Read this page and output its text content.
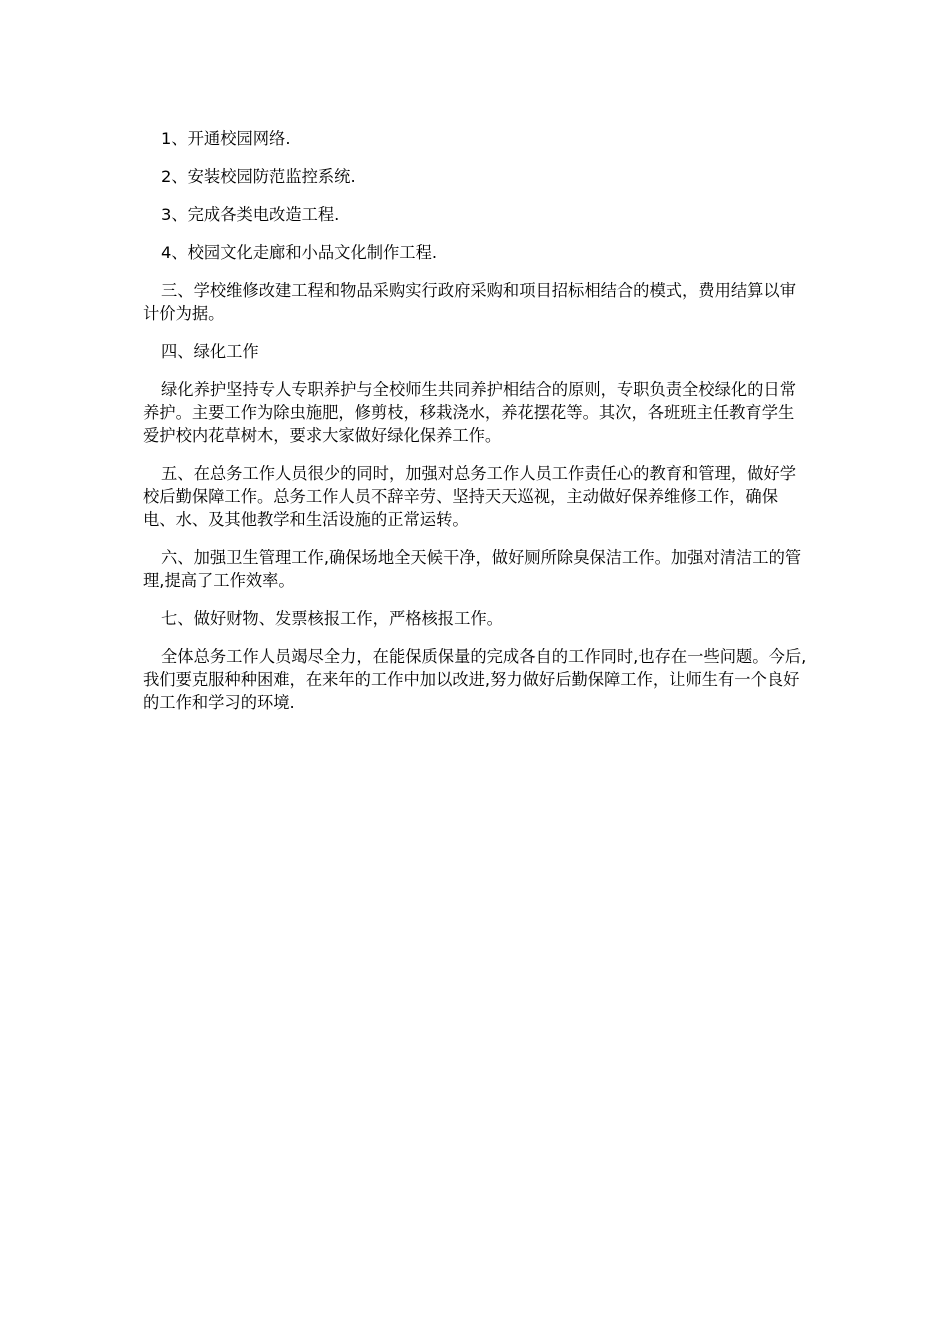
1、开通校园网络.

2、安装校园防范监控系统.

3、完成各类电改造工程.

4、校园文化走廊和小品文化制作工程.

三、学校维修改建工程和物品采购实行政府采购和项目招标相结合的模式，费用结算以审计价为据。

四、绿化工作

绿化养护坚持专人专职养护与全校师生共同养护相结合的原则，专职负责全校绿化的日常养护。主要工作为除虫施肥，修剪枝，移栽浇水，养花摆花等。其次，各班班主任教育学生爱护校内花草树木，要求大家做好绿化保养工作。

五、在总务工作人员很少的同时，加强对总务工作人员工作责任心的教育和管理，做好学校后勤保障工作。总务工作人员不辞辛劳、坚持天天巡视，主动做好保养维修工作，确保电、水、及其他教学和生活设施的正常运转。

六、加强卫生管理工作,确保场地全天候干净，做好厕所除臭保洁工作。加强对清洁工的管理,提高了工作效率。

七、做好财物、发票核报工作，严格核报工作。

全体总务工作人员竭尽全力，在能保质保量的完成各自的工作同时,也存在一些问题。今后,我们要克服种种困难，在来年的工作中加以改进,努力做好后勤保障工作，让师生有一个良好的工作和学习的环境.
